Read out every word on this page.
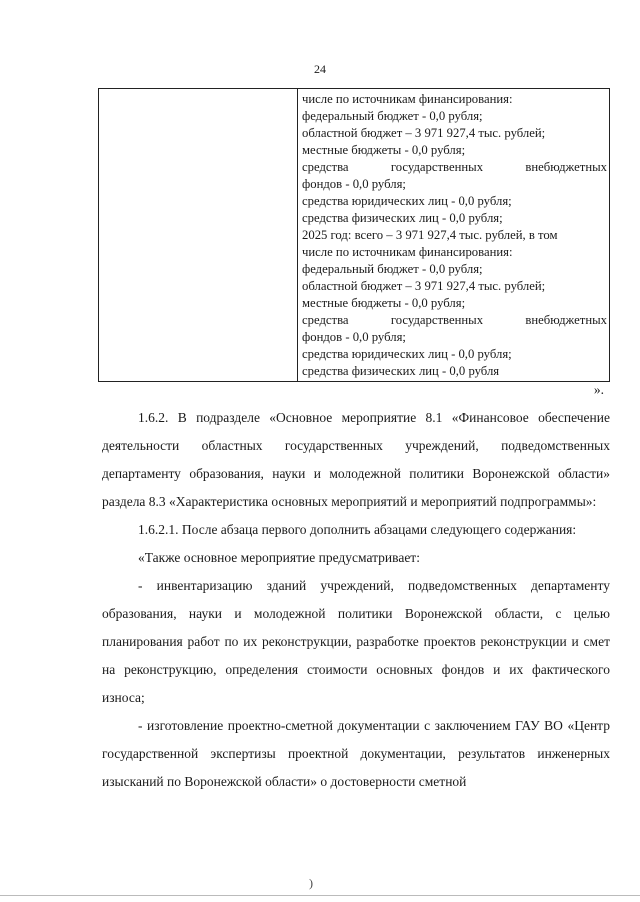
24
числе по источникам финансирования:
федеральный бюджет - 0,0 рубля;
областной бюджет – 3 971 927,4 тыс. рублей;
местные бюджеты - 0,0 рубля;
средства государственных внебюджетных
фондов - 0,0 рубля;
средства юридических лиц - 0,0 рубля;
средства физических лиц - 0,0 рубля;
2025 год: всего – 3 971 927,4 тыс. рублей, в том
числе по источникам финансирования:
федеральный бюджет - 0,0 рубля;
областной бюджет – 3 971 927,4 тыс. рублей;
местные бюджеты - 0,0 рубля;
средства государственных внебюджетных
фондов - 0,0 рубля;
средства юридических лиц - 0,0 рубля;
средства физических лиц - 0,0 рубля
».

1.6.2. В подразделе «Основное мероприятие 8.1 «Финансовое обеспечение деятельности областных государственных учреждений, подведомственных департаменту образования, науки и молодежной политики Воронежской области» раздела 8.3 «Характеристика основных мероприятий и мероприятий подпрограммы»:

1.6.2.1. После абзаца первого дополнить абзацами следующего содержания:

«Также основное мероприятие предусматривает:

- инвентаризацию зданий учреждений, подведомственных департаменту образования, науки и молодежной политики Воронежской области, с целью планирования работ по их реконструкции, разработке проектов реконструкции и смет на реконструкцию, определения стоимости основных фондов и их фактического износа;

- изготовление проектно-сметной документации с заключением ГАУ ВО «Центр государственной экспертизы проектной документации, результатов инженерных изысканий по Воронежской области» о достоверности сметной

)
